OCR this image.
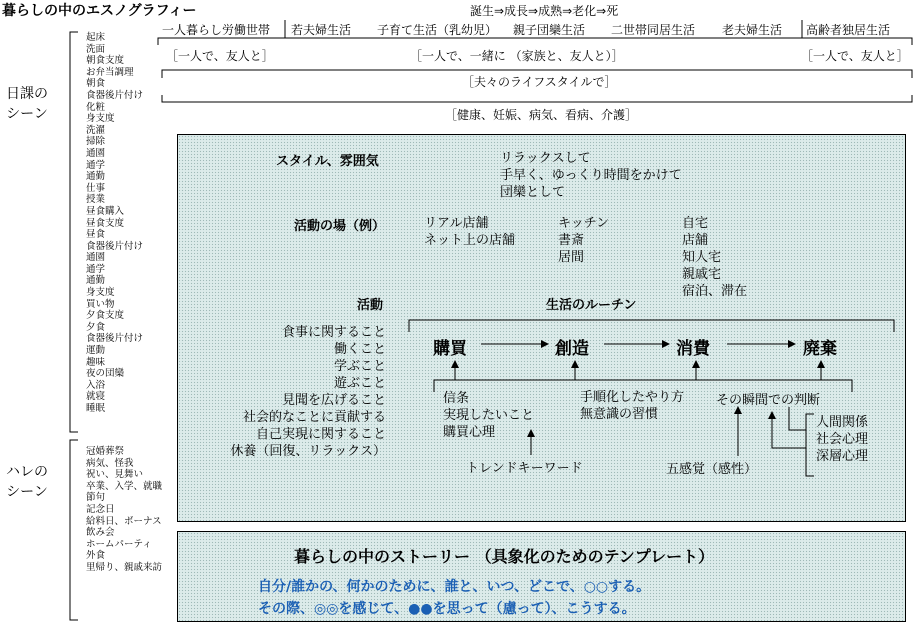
暮らしの中のエスノグラフィー	誕生⇒成長⇒成熟⇒老化⇒死
一人暮らし労働世帯 若夫婦生活 子育て生活（乳幼児） 親子団欒生活 二世帯同居生活 老夫婦生活 高齢者独居生活
［一人で、友人と］	［一人で、一緒に （家族と、友人と）］	［一人で、友人と］
［夫々のライフスタイルで］
［健康、妊娠、病気、看病、介護］
日課の
シーン
ハレの
シーン
起床
洗面
朝食支度
お弁当調理
朝食
食器後片付け
化粧
身支度
洗濯
掃除
通園
通学
通勤
仕事
授業
昼食購入
昼食支度
昼食
食器後片付け
通園
通学
通勤
身支度
買い物
夕食支度
夕食
食器後片付け
運動
趣味
夜の団欒
入浴
就寝
睡眠
冠婚葬祭
病気、怪我
祝い、見舞い
卒業、入学、就職
節句
記念日
給料日、ボーナス
飲み会
ホームパーティ
外食
里帰り、親戚来訪
スタイル、雰囲気	リラックスして
手早く、ゆっくり時間をかけて
団欒として
活動の場（例）	リアル店舗
ネット上の店舗
キッチン
書斎
居間
自宅
店舗
知人宅
親戚宅
宿泊、滞在
活動
食事に関すること
働くこと
学ぶこと
遊ぶこと
見聞を広げること
社会的なことに貢献する
自己実現に関すること
休養（回復、リラックス）
生活のルーチン
購買	創造	消費	廃棄
信条
実現したいこと
購買心理
トレンドキーワード
手順化したやり方
無意識の習慣
その瞬間での判断
五感覚（感性）
人間関係
社会心理
深層心理
暮らしの中のストーリー （具象化のためのテンプレート）
自分/誰かの、何かのために、誰と、いつ、どこで、○○する。
その際、◎◎を感じて、●●を思って（慮って）、こうする。
